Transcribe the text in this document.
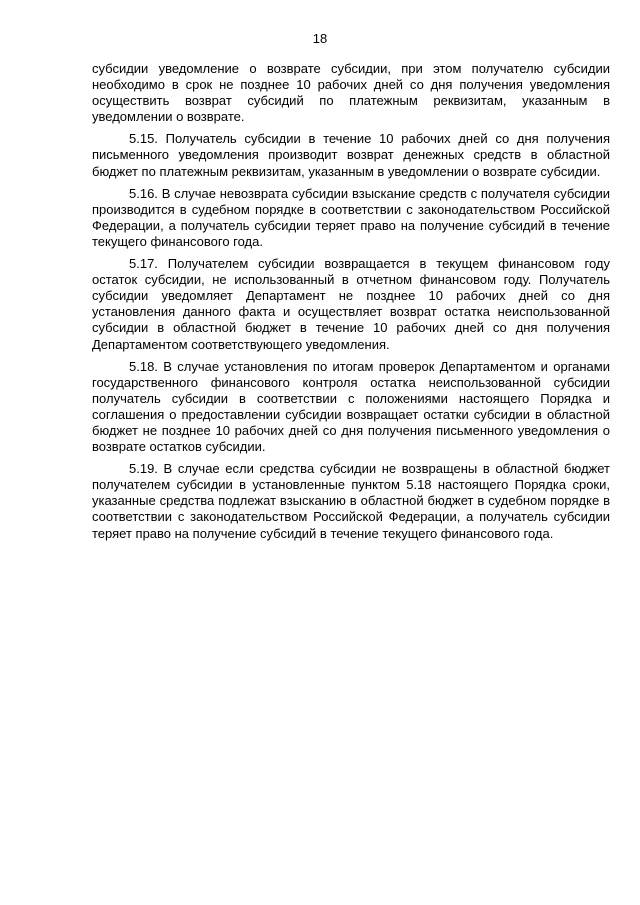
18

субсидии уведомление о возврате субсидии, при этом получателю субсидии необходимо в срок не позднее 10 рабочих дней со дня получения уведомления осуществить возврат субсидий по платежным реквизитам, указанным в уведомлении о возврате.

5.15. Получатель субсидии в течение 10 рабочих дней со дня получения письменного уведомления производит возврат денежных средств в областной бюджет по платежным реквизитам, указанным в уведомлении о возврате субсидии.

5.16. В случае невозврата субсидии взыскание средств с получателя субсидии производится в судебном порядке в соответствии с законодательством Российской Федерации, а получатель субсидии теряет право на получение субсидий в течение текущего финансового года.

5.17. Получателем субсидии возвращается в текущем финансовом году остаток субсидии, не использованный в отчетном финансовом году. Получатель субсидии уведомляет Департамент не позднее 10 рабочих дней со дня установления данного факта и осуществляет возврат остатка неиспользованной субсидии в областной бюджет в течение 10 рабочих дней со дня получения Департаментом соответствующего уведомления.

5.18. В случае установления по итогам проверок Департаментом и органами государственного финансового контроля остатка неиспользованной субсидии получатель субсидии в соответствии с положениями настоящего Порядка и соглашения о предоставлении субсидии возвращает остатки субсидии в областной бюджет не позднее 10 рабочих дней со дня получения письменного уведомления о возврате остатков субсидии.

5.19. В случае если средства субсидии не возвращены в областной бюджет получателем субсидии в установленные пунктом 5.18 настоящего Порядка сроки, указанные средства подлежат взысканию в областной бюджет в судебном порядке в соответствии с законодательством Российской Федерации, а получатель субсидии теряет право на получение субсидий в течение текущего финансового года.
